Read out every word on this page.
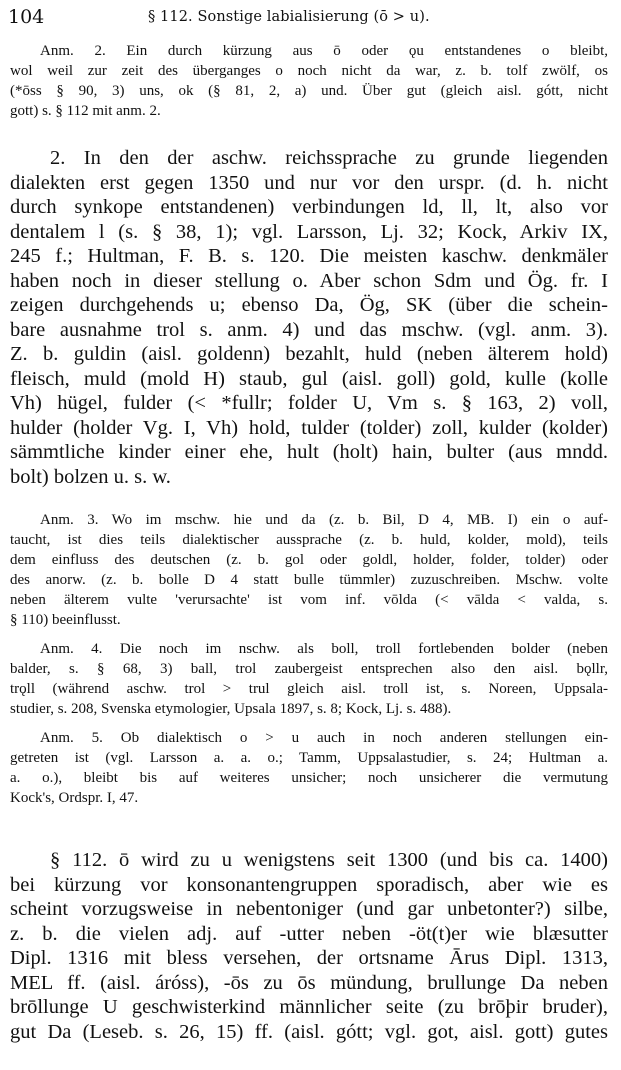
104	§ 112. Sonstige labialisierung (ō > u).
Anm. 2. Ein durch kürzung aus ō oder ǫu entstandenes o bleibt,
wol weil zur zeit des überganges o noch nicht da war, z. b. tolf zwölf, os
(*ōss § 90, 3) uns, ok (§ 81, 2, a) und. Über gut (gleich aisl. gótt, nicht
gott) s. § 112 mit anm. 2.
2. In den der aschw. reichssprache zu grunde liegenden
dialekten erst gegen 1350 und nur vor den urspr. (d. h. nicht
durch synkope entstandenen) verbindungen ld, ll, lt, also vor
dentalem l (s. § 38, 1); vgl. Larsson, Lj. 32; Kock, Arkiv IX,
245 f.; Hultman, F. B. s. 120. Die meisten kaschw. denkmäler
haben noch in dieser stellung o. Aber schon Sdm und Ög. fr. I
zeigen durchgehends u; ebenso Da, Ög, SK (über die schein-
bare ausnahme trol s. anm. 4) und das mschw. (vgl. anm. 3).
Z. b. guldin (aisl. goldenn) bezahlt, huld (neben älterem hold)
fleisch, muld (mold H) staub, gul (aisl. goll) gold, kulle (kolle
Vh) hügel, fulder (< *fullr; folder U, Vm s. § 163, 2) voll,
hulder (holder Vg. I, Vh) hold, tulder (tolder) zoll, kulder (kolder)
sämmtliche kinder einer ehe, hult (holt) hain, bulter (aus mndd.
bolt) bolzen u. s. w.
Anm. 3. Wo im mschw. hie und da (z. b. Bil, D 4, MB. I) ein o auf-
taucht, ist dies teils dialektischer aussprache (z. b. huld, kolder, mold), teils
dem einfluss des deutschen (z. b. gol oder goldl, holder, folder, tolder) oder
des anorw. (z. b. bolle D 4 statt bulle tümmler) zuzuschreiben. Mschw. volte
neben älterem vulte 'verursachte' ist vom inf. vōlda (< vālda < valda, s.
§ 110) beeinflusst.
Anm. 4. Die noch im nschw. als boll, troll fortlebenden bolder (neben
balder, s. § 68, 3) ball, trol zaubergeist entsprechen also den aisl. bǫllr,
trǫll (während aschw. trol > trul gleich aisl. troll ist, s. Noreen, Uppsala-
studier, s. 208, Svenska etymologier, Upsala 1897, s. 8; Kock, Lj. s. 488).
Anm. 5. Ob dialektisch o > u auch in noch anderen stellungen ein-
getreten ist (vgl. Larsson a. a. o.; Tamm, Uppsalastudier, s. 24; Hultman a.
a. o.), bleibt bis auf weiteres unsicher; noch unsicherer die vermutung
Kock's, Ordspr. I, 47.
§ 112. ō wird zu u wenigstens seit 1300 (und bis ca. 1400)
bei kürzung vor konsonantengruppen sporadisch, aber wie es
scheint vorzugsweise in nebentoniger (und gar unbetonter?) silbe,
z. b. die vielen adj. auf -utter neben -öt(t)er wie blæsutter
Dipl. 1316 mit bless versehen, der ortsname Ārus Dipl. 1313,
MEL ff. (aisl. áróss), -ōs zu ōs mündung, brullunge Da neben
brōllunge U geschwisterkind männlicher seite (zu brōþir bruder),
gut Da (Leseb. s. 26, 15) ff. (aisl. gótt; vgl. got, aisl. gott) gutes
